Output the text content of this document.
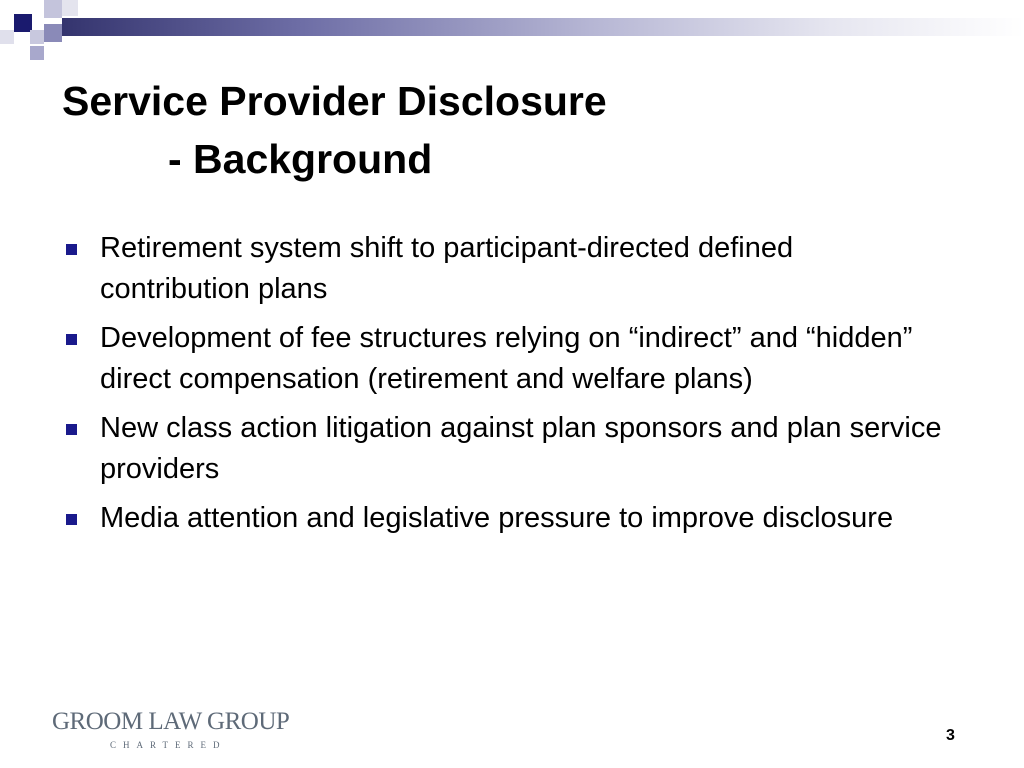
Service Provider Disclosure
- Background
Retirement system shift to participant-directed defined contribution plans
Development of fee structures relying on “indirect” and “hidden” direct compensation (retirement and welfare plans)
New class action litigation against plan sponsors and plan service providers
Media attention and legislative pressure to improve disclosure
GROOM LAW GROUP
CHARTERED
3
